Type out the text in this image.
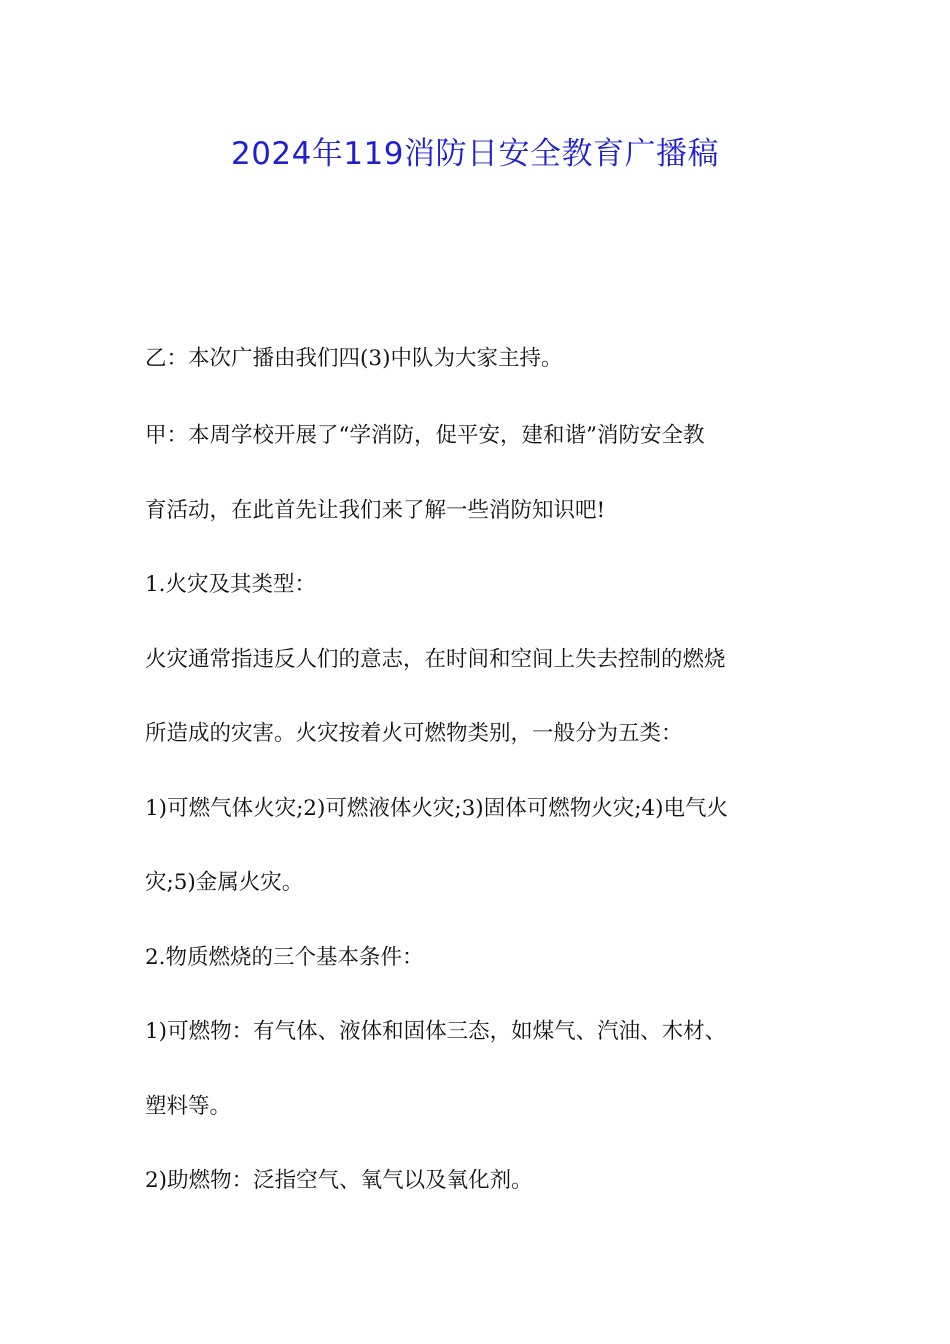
2024年119消防日安全教育广播稿
乙：本次广播由我们四(3)中队为大家主持。
甲：本周学校开展了“学消防，促平安，建和谐”消防安全教
育活动，在此首先让我们来了解一些消防知识吧!
1.火灾及其类型：
火灾通常指违反人们的意志，在时间和空间上失去控制的燃烧
所造成的灾害。火灾按着火可燃物类别，一般分为五类：
1)可燃气体火灾;2)可燃液体火灾;3)固体可燃物火灾;4)电气火
灾;5)金属火灾。
2.物质燃烧的三个基本条件：
1)可燃物：有气体、液体和固体三态，如煤气、汽油、木材、
塑料等。
2)助燃物：泛指空气、氧气以及氧化剂。
